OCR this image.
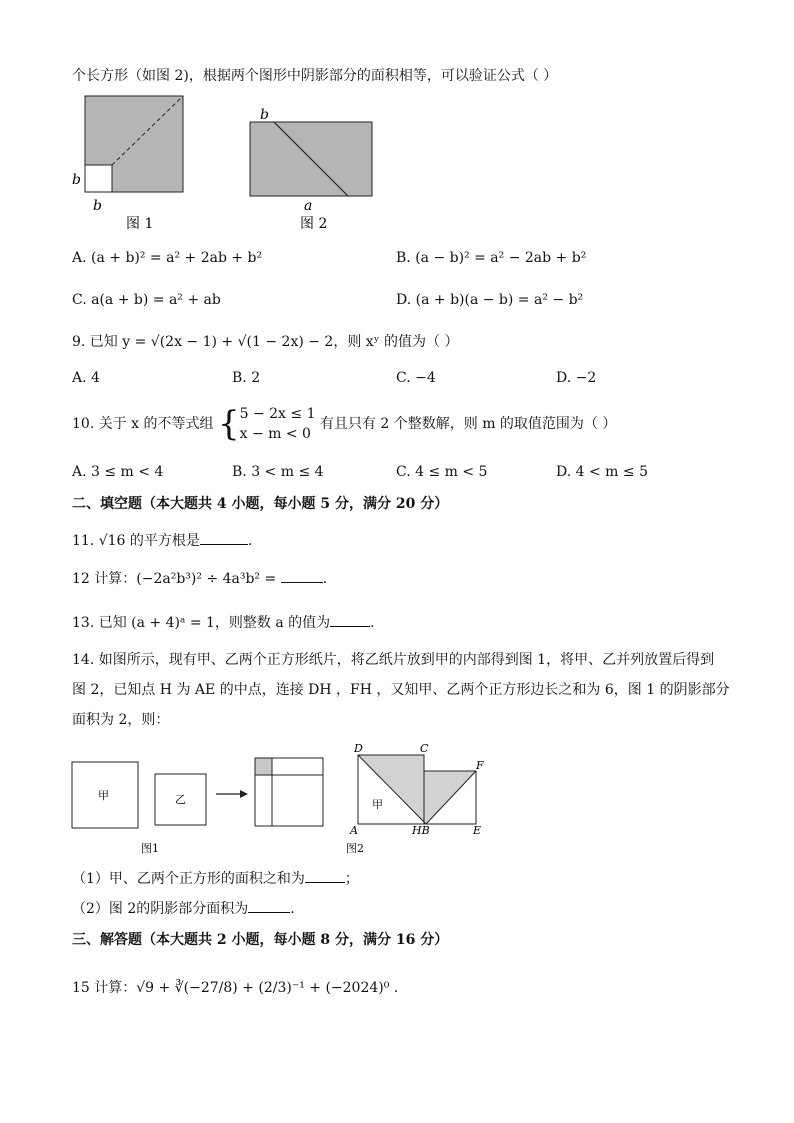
个长方形（如图 2)，根据两个图形中阴影部分的面积相等，可以验证公式（ ）
b
b
图 1
b
a
图 2
A. (a + b)² = a² + 2ab + b²	B. (a − b)² = a² − 2ab + b²
C. a(a + b) = a² + ab	D. (a + b)(a − b) = a² − b²
9. 已知 y = √(2x − 1) + √(1 − 2x) − 2，则 xʸ 的值为（ ）
A. 4	B. 2	C. −4	D. −2
10. 关于 x 的不等式组 { 5 − 2x ≤ 1
x − m < 0
有且只有 2 个整数解，则 m 的取值范围为（ ）
A. 3 ≤ m < 4	B. 3 < m ≤ 4	C. 4 ≤ m < 5	D. 4 < m ≤ 5
二、填空题（本大题共 4 小题，每小题 5 分，满分 20 分）
11. √16 的平方根是	.
12 计算：(−2a²b³)² ÷ 4a³b² =	.
13. 已知 (a + 4)ᵃ = 1，则整数 a 的值为	.
14. 如图所示，现有甲、乙两个正方形纸片，将乙纸片放到甲的内部得到图 1，将甲、乙并列放置后得到
图 2，已知点 H 为 AE 的中点，连接 DH ，FH ，又知甲、乙两个正方形边长之和为 6，图 1 的阴影部分
面积为 2，则：
甲	乙
图1
D	C
F
甲
A	HB	E
图2
（1）甲、乙两个正方形的面积之和为	；
（2）图 2的阴影部分面积为	.
三、解答题（本大题共 2 小题，每小题 8 分，满分 16 分）
15 计算：√9 + ∛(−27/8) + (2/3)⁻¹ + (−2024)⁰ .
